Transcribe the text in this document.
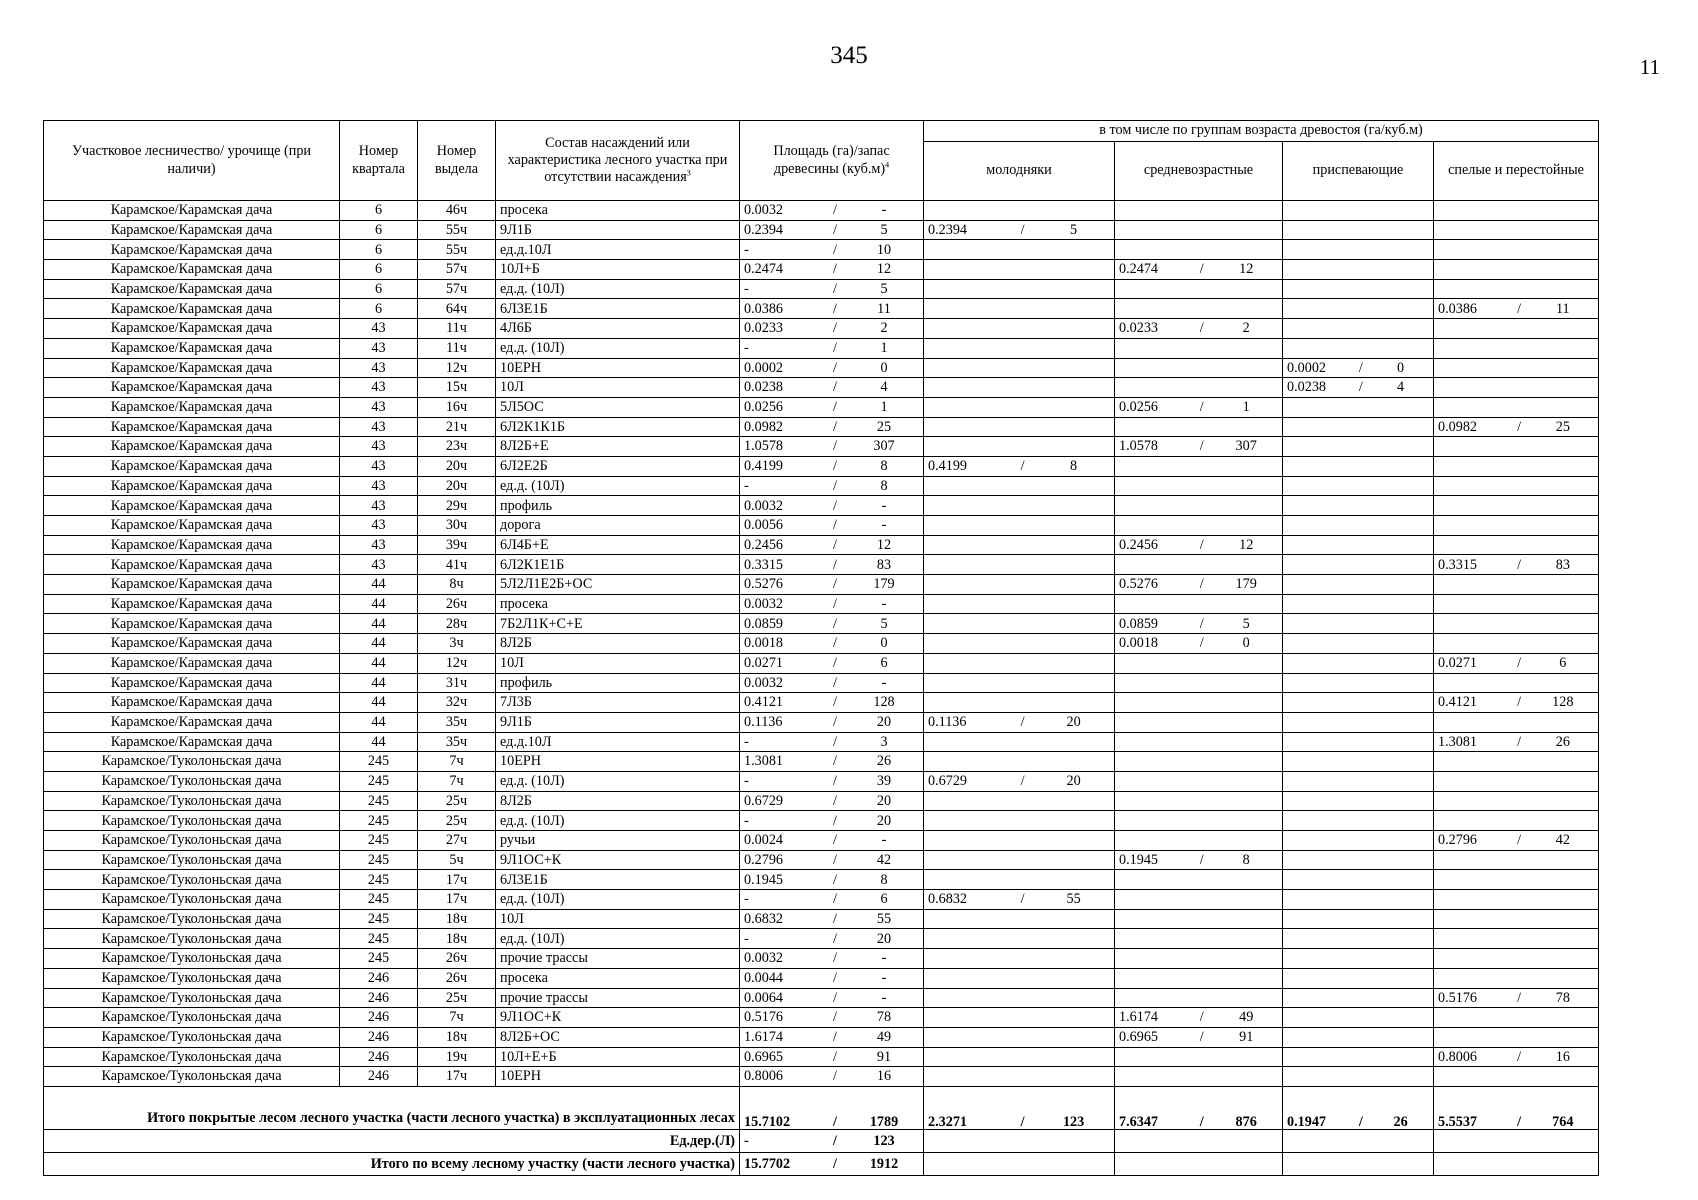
345	11
Участковое лесничество/ урочище (при наличи)	Номер квартала	Номер выдела	Состав насаждений или характеристика лесного участка при отсутствии насаждения$^3$	Площадь (га)/запас древесины $(куб.м)^4$	в том числе по группам возраста древостоя (га/куб.м)			
					молодняки	средневозрастные	приспевающие	спелые и перестойные
Карамское/Карамская дача	6	46ч	просека	0.0032 / -				

Карамское/Карамская дача	6	55ч	9Л1Б	0.2394 / 5	0.2394 / 5			

Карамское/Карамская дача	6	55ч	ед.д.10Л	- / 10				

Карамское/Карамская дача	6	57ч	10Л+Б	0.2474 / 12		0.2474 / 12		

Карамское/Карамская дача	6	57ч	ед.д. (10Л)	- / 5				

Карамское/Карамская дача	6	64ч	6Л3Е1Б	0.0386 / 11				0.0386 / 11

Карамское/Карамская дача	43	11ч	4Л6Б	0.0233 / 2		0.0233 / 2		

Карамское/Карамская дача	43	11ч	ед.д. (10Л)	- / 1				

Карамское/Карамская дача	43	12ч	10ЕРН	0.0002 / 0			0.0002 / 0	

Карамское/Карамская дача	43	15ч	10Л	0.0238 / 4			0.0238 / 4	

Карамское/Карамская дача	43	16ч	5Л5ОС	0.0256 / 1		0.0256 / 1		

Карамское/Карамская дача	43	21ч	6Л2К1К1Б	0.0982 / 25				0.0982 / 25

Карамское/Карамская дача	43	23ч	8Л2Б+Е	1.0578 / 307		1.0578 / 307		

Карамское/Карамская дача	43	20ч	6Л2Е2Б	0.4199 / 8	0.4199 / 8			

Карамское/Карамская дача	43	20ч	ед.д. (10Л)	- / 8				

Карамское/Карамская дача	43	29ч	профиль	0.0032 / -				

Карамское/Карамская дача	43	30ч	дорога	0.0056 / -				

Карамское/Карамская дача	43	39ч	6Л4Б+Е	0.2456 / 12		0.2456 / 12		

Карамское/Карамская дача	43	41ч	6Л2К1Е1Б	0.3315 / 83				0.3315 / 83

Карамское/Карамская дача	44	8ч	5Л2Л1Е2Б+ОС	0.5276 / 179		0.5276 / 179		

Карамское/Карамская дача	44	26ч	просека	0.0032 / -				

Карамское/Карамская дача	44	28ч	7Б2Л1К+С+Е	0.0859 / 5		0.0859 / 5		

Карамское/Карамская дача	44	3ч	8Л2Б	0.0018 / 0		0.0018 / 0		

Карамское/Карамская дача	44	12ч	10Л	0.0271 / 6				0.0271 / 6

Карамское/Карамская дача	44	31ч	профиль	0.0032 / -				

Карамское/Карамская дача	44	32ч	7Л3Б	0.4121 / 128				0.4121 / 128

Карамское/Карамская дача	44	35ч	9Л1Б	0.1136 / 20	0.1136 / 20			

Карамское/Карамская дача	44	35ч	ед.д.10Л	- / 3				1.3081 / 26

Карамское/Туколоньская дача	245	7ч	10ЕРН	1.3081 / 26				

Карамское/Туколоньская дача	245	7ч	ед.д. (10Л)	- / 39	0.6729 / 20			

Карамское/Туколоньская дача	245	25ч	8Л2Б	0.6729 / 20				

Карамское/Туколоньская дача	245	25ч	ед.д. (10Л)	- / 20				

Карамское/Туколоньская дача	245	27ч	ручьи	0.0024 / -				0.2796 / 42

Карамское/Туколоньская дача	245	5ч	9Л1ОС+К	0.2796 / 42		0.1945 / 8		

Карамское/Туколоньская дача	245	17ч	6Л3Е1Б	0.1945 / 8				

Карамское/Туколоньская дача	245	17ч	ед.д. (10Л)	- / 6	0.6832 / 55			

Карамское/Туколоньская дача	245	18ч	10Л	0.6832 / 55				

Карамское/Туколоньская дача	245	18ч	ед.д. (10Л)	- / 20				

Карамское/Туколоньская дача	245	26ч	прочие трассы	0.0032 / -				

Карамское/Туколоньская дача	246	26ч	просека	0.0044 / -				

Карамское/Туколоньская дача	246	25ч	прочие трассы	0.0064 / -				0.5176 / 78

Карамское/Туколоньская дача	246	7ч	9Л1ОС+К	0.5176 / 78		1.6174 / 49		

Карамское/Туколоньская дача	246	18ч	8Л2Б+ОС	1.6174 / 49		0.6965 / 91		

Карамское/Туколоньская дача	246	19ч	10Л+Е+Б	0.6965 / 91				0.8006 / 16

Карамское/Туколоньская дача	246	17ч	10ЕРН	0.8006 / 16				

Итого покрытые лесом лесного участка (части лесного участка) в эксплуатационных лесах				15.7102 / 1789	2.3271 / 123	7.6347 / 876	0.1947 / 26	5.5537 / 764

Ед.дер.(Л)				- / 123				

Итого по всему лесному участку (части лесного участка)				15.7702 / 1912				
